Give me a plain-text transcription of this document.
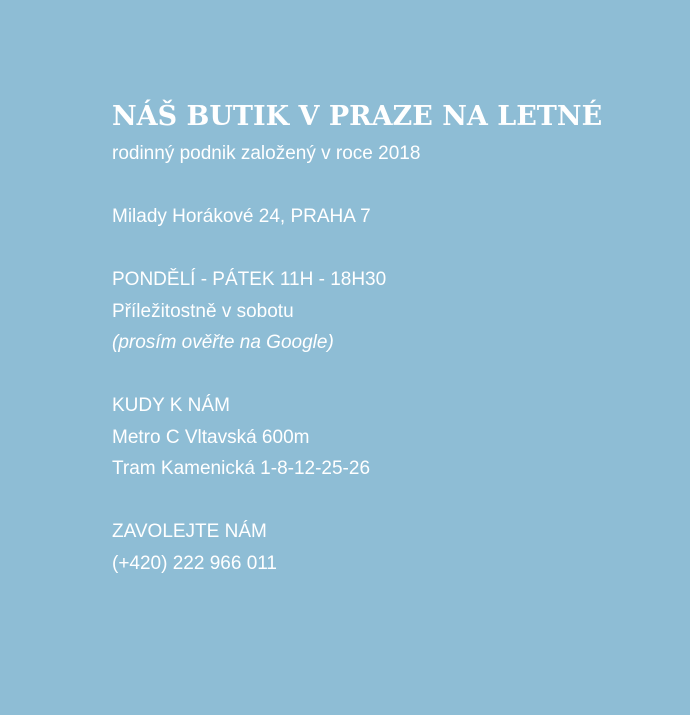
NÁŠ BUTIK V PRAZE NA LETNÉ
rodinný podnik založený v roce 2018
Milady Horákové 24, PRAHA 7
PONDĚLÍ - PÁTEK 11H - 18H30
Příležitostně v sobotu
(prosím ověřte na Google)
KUDY K NÁM
Metro C Vltavská 600m
Tram Kamenická 1-8-12-25-26
ZAVOLEJTE NÁM
(+420) 222 966 011
